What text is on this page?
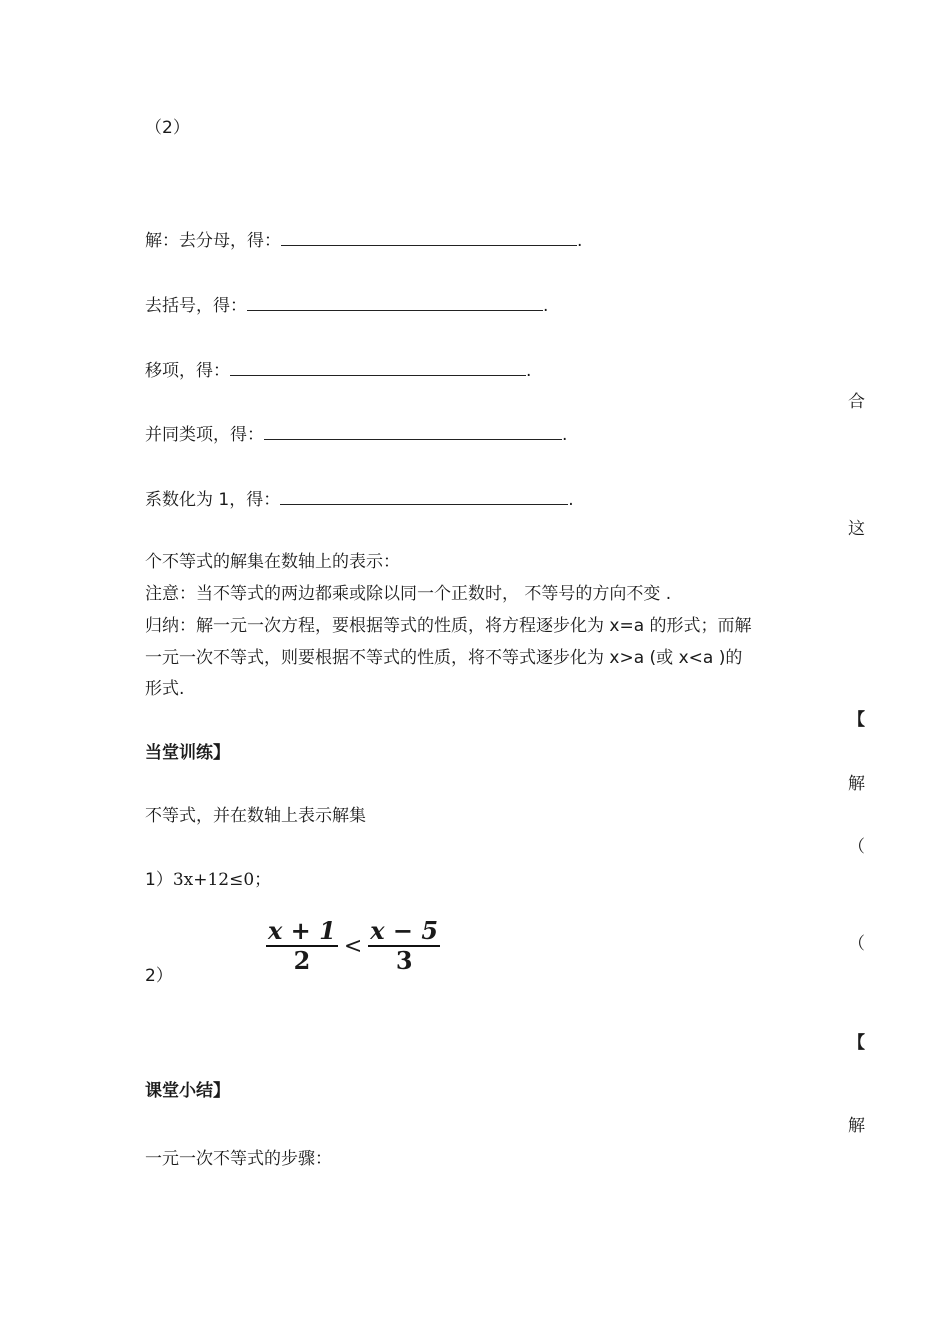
（2）
解：去分母，得：	.
去括号，得：	.
移项，得：	.
并同类项，得：	.
系数化为 1，得：	.
合
这
【
解
（
（
【
解
个不等式的解集在数轴上的表示：
注意：当不等式的两边都乘或除以同一个正数时， 不等号的方向不变 .
归纳：解一元一次方程，要根据等式的性质，将方程逐步化为 x=a 的形式；而解
一元一次不等式，则要根据不等式的性质，将不等式逐步化为 x>a (或 x<a )的
形式.
当堂训练】
不等式，并在数轴上表示解集
1）3x+12≤0；
2）
$\frac{x + 1}{2} < \frac{x - 5}{3}$
课堂小结】
一元一次不等式的步骤：
